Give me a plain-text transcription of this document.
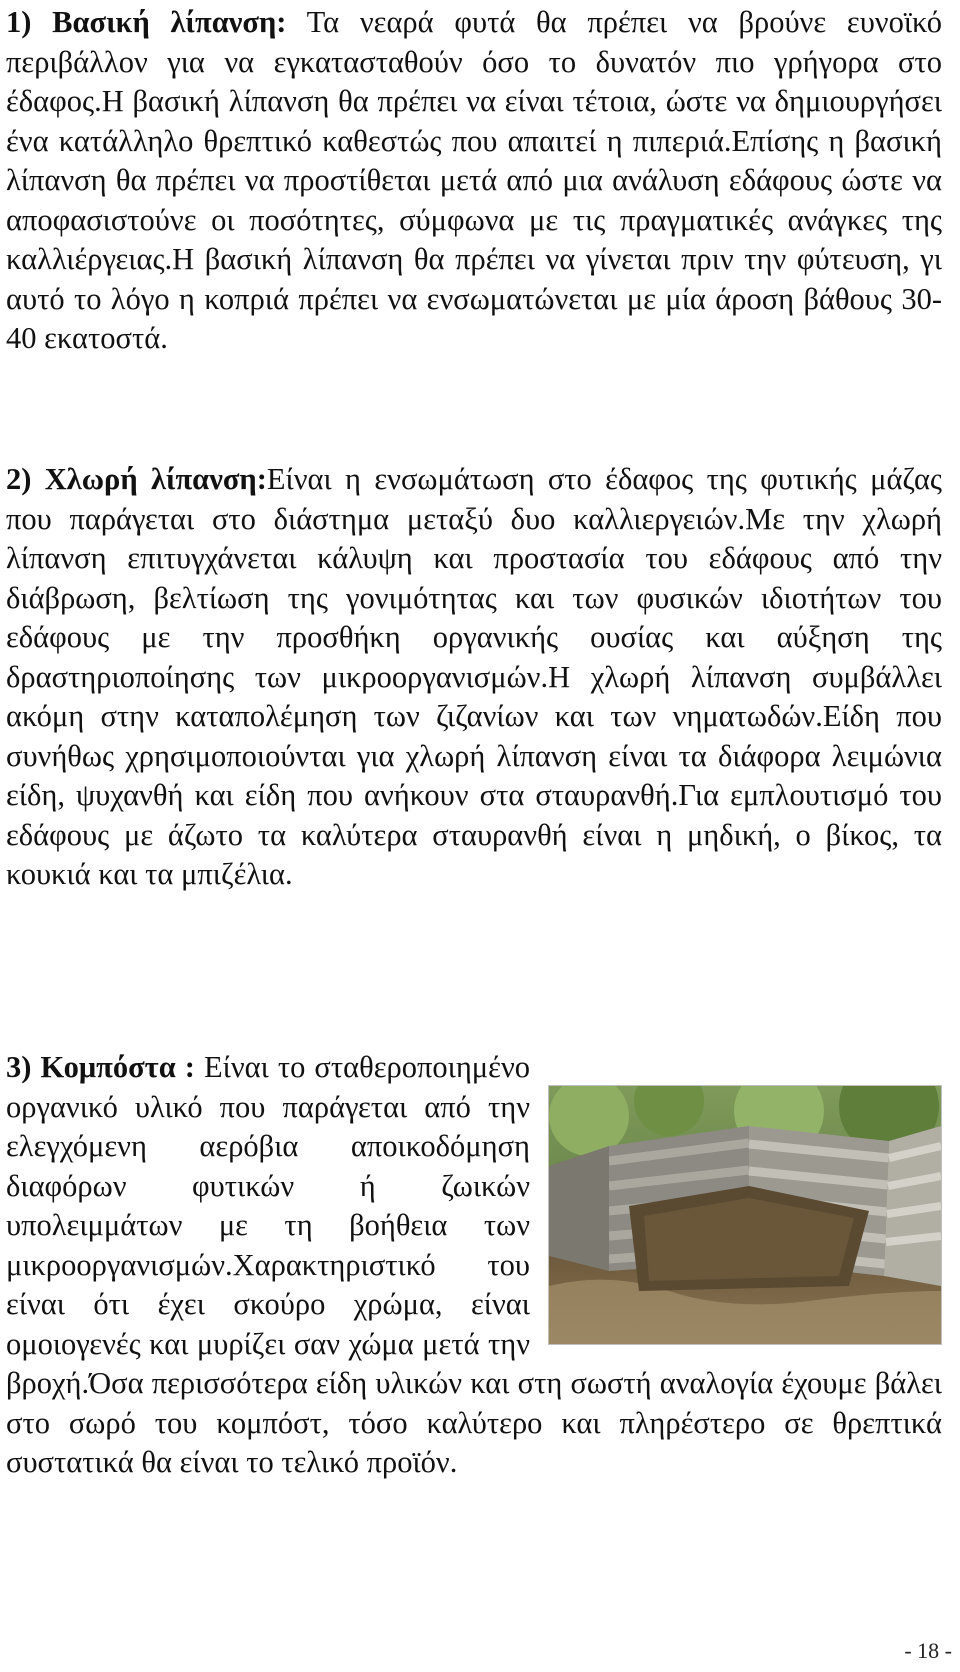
1) Βασική λίπανση: Τα νεαρά φυτά θα πρέπει να βρούνε ευνοϊκό περιβάλλον για να εγκατασταθούν όσο το δυνατόν πιο γρήγορα στο έδαφος.Η βασική λίπανση θα πρέπει να είναι τέτοια, ώστε να δημιουργήσει ένα κατάλληλο θρεπτικό καθεστώς που απαιτεί η πιπεριά.Επίσης η βασική λίπανση θα πρέπει να προστίθεται μετά από μια ανάλυση εδάφους ώστε να αποφασιστούνε οι ποσότητες, σύμφωνα με τις πραγματικές ανάγκες της καλλιέργειας.Η βασική λίπανση θα πρέπει να γίνεται πριν την φύτευση, γι αυτό το λόγο η κοπριά πρέπει να ενσωματώνεται με μία άροση βάθους 30-40 εκατοστά.

2) Χλωρή λίπανση:Είναι η ενσωμάτωση στο έδαφος της φυτικής μάζας που παράγεται στο διάστημα μεταξύ δυο καλλιεργειών.Με την χλωρή λίπανση επιτυγχάνεται κάλυψη και προστασία του εδάφους από την διάβρωση, βελτίωση της γονιμότητας και των φυσικών ιδιοτήτων του εδάφους με την προσθήκη οργανικής ουσίας και αύξηση της δραστηριοποίησης των μικροοργανισμών.Η χλωρή λίπανση συμβάλλει ακόμη στην καταπολέμηση των ζιζανίων και των νηματωδών.Είδη που συνήθως χρησιμοποιούνται για χλωρή λίπανση είναι τα διάφορα λειμώνια είδη, ψυχανθή και είδη που ανήκουν στα σταυρανθή.Για εμπλουτισμό του εδάφους με άζωτο τα καλύτερα σταυρανθή είναι η μηδική, ο βίκος, τα κουκιά και τα μπιζέλια.

3) Κομπόστα : Είναι το σταθεροποιημένο οργανικό υλικό που παράγεται από την ελεγχόμενη αερόβια αποικοδόμηση διαφόρων φυτικών ή ζωικών υπολειμμάτων με τη βοήθεια των μικροοργανισμών.Χαρακτηριστικό του είναι ότι έχει σκούρο χρώμα, είναι ομοιογενές και μυρίζει σαν χώμα μετά την βροχή.Όσα περισσότερα είδη υλικών και στη σωστή αναλογία έχουμε βάλει στο σωρό του κομπόστ, τόσο καλύτερο και πληρέστερο σε θρεπτικά συστατικά θα είναι το τελικό προϊόν.
- 18 -
